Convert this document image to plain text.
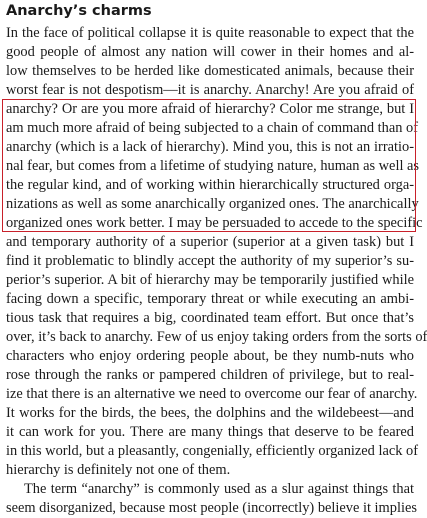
Anarchy’s charms
In the face of political collapse it is quite reasonable to expect that the
good people of almost any nation will cower in their homes and al-
low themselves to be herded like domesticated animals, because their
worst fear is not despotism—it is anarchy. Anarchy! Are you afraid of
anarchy? Or are you more afraid of hierarchy? Color me strange, but I
am much more afraid of being subjected to a chain of command than of
anarchy (which is a lack of hierarchy). Mind you, this is not an irratio-
nal fear, but comes from a lifetime of studying nature, human as well as
the regular kind, and of working within hierarchically structured orga-
nizations as well as some anarchically organized ones. The anarchically
organized ones work better. I may be persuaded to accede to the specific
and temporary authority of a superior (superior at a given task) but I
find it problematic to blindly accept the authority of my superior’s su-
perior’s superior. A bit of hierarchy may be temporarily justified while
facing down a specific, temporary threat or while executing an ambi-
tious task that requires a big, coordinated team effort. But once that’s
over, it’s back to anarchy. Few of us enjoy taking orders from the sorts of
characters who enjoy ordering people about, be they numb-nuts who
rose through the ranks or pampered children of privilege, but to real-
ize that there is an alternative we need to overcome our fear of anarchy.
It works for the birds, the bees, the dolphins and the wildebeest—and
it can work for you. There are many things that deserve to be feared
in this world, but a pleasantly, congenially, efficiently organized lack of
hierarchy is definitely not one of them.
The term “anarchy” is commonly used as a slur against things that
seem disorganized, because most people (incorrectly) believe it implies
